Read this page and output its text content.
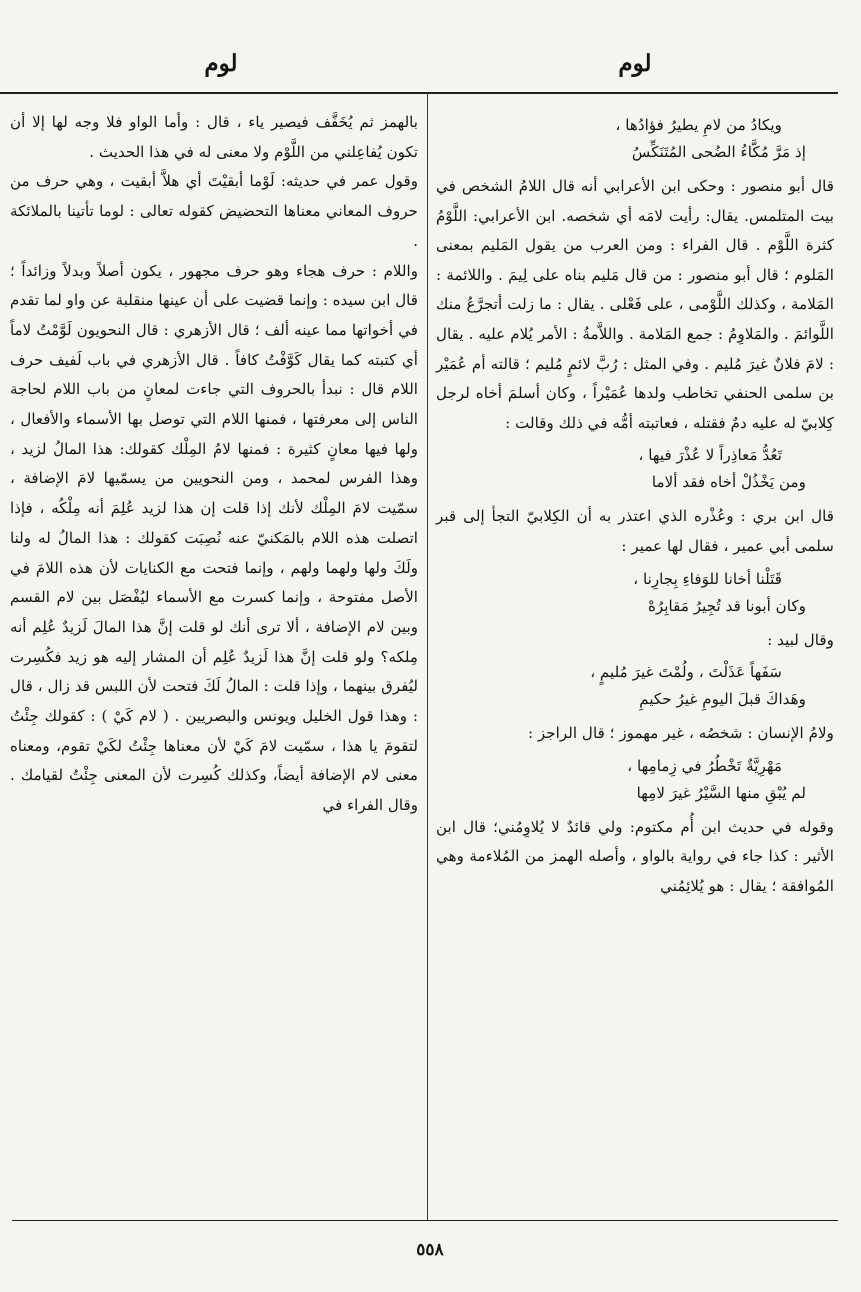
لوم
لوم
ويكادُ من لامِ يطيرُ فؤادُها ،
إذ مَرَّ مُكَّاءُ الضُحى المُتَنَكِّسُ

قال أبو منصور : وحكى ابن الأعرابي أنه قال اللامُ الشخص في بيت المتلمس. يقال: رأيت لامَه أي شخصه. ابن الأعرابي: اللَّوْمُ كثرة اللَّوْم . قال الفراء : ومن العرب من يقول المَليم بمعنى المَلوم ؛ قال أبو منصور : من قال مَليم بناه على لِيمَ . واللائمة : المَلامة ، وكذلك اللَّوْمى ، على فَعْلى . يقال : ما زلت أتجرَّعُ منك اللَّوائمَ . والمَلاوِمُ : جمع المَلامة . واللاَّمةُ : الأمر يُلام عليه . يقال : لامَ فلانٌ غيرَ مُليم . وفي المثل : رُبَّ لائمٍ مُليم ؛ قالته أم عُمَيْر بن سلمى الحنفي تخاطب ولدها عُمَيْراً ، وكان أسلمَ أخاه لرجل كِلابيّ له عليه دمٌ فقتله ، فعاتبته أمُّه في ذلك وقالت :

تَعُدُّ مَعاذِراً لا عُذْرَ فيها ،
ومن يَخْذُلْ أخاه فقد ألاما

قال ابن بري : وعُذْره الذي اعتذر به أن الكِلابيّ التجأ إلى قبر سلمى أبي عمير ، فقال لها عمير :

قَتَلْنا أخانا للوَفاءِ بِجارِنا ،
وكان أبونا قد تُجِيرُ مَقابِرُهْ

وقال لبيد :

سَفَهاً عَذَلْتَ ، ولُمْتَ غيرَ مُليمٍ ،
وهَداكَ قبلَ اليومِ غيرُ حكيمِ

ولامُ الإنسان : شخصُه ، غير مهموز ؛ قال الراجز :

مَهْرِيَّةٌ تَخْطُرُ في زِمامِها ،
لم يُبْقِ منها السَّيْرُ غيرَ لامِها

وقوله في حديث ابن أُم مكتوم: ولي قائدٌ لا يُلاوِمُني؛ قال ابن الأثير : كذا جاء في رواية بالواو ، وأصله الهمز من المُلاءمة وهي المُوافقة ؛ يقال : هو يُلائِمُني

بالهمز ثم يُخَفَّف فيصير ياء ، قال : وأما الواو فلا وجه لها إلا أن تكون يُفاعِلني من اللَّوْم ولا معنى له في هذا الحديث .

وقول عمر في حديثه: لَوْما أبقيْتَ أي هلاَّ أبقيت ، وهي حرف من حروف المعاني معناها التحضيض كقوله تعالى : لوما تأتينا بالملائكة .

واللام : حرف هجاء وهو حرف مجهور ، يكون أصلاً وبدلاً وزائداً ؛ قال ابن سيده : وإنما قضيت على أن عينها منقلبة عن واو لما تقدم في أخواتها مما عينه ألف ؛ قال الأزهري : قال النحويون لَوَّمْتُ لاماً أي كتبته كما يقال كَوَّفْتُ كافاً . قال الأزهري في باب لَفيف حرف اللام قال : نبدأ بالحروف التي جاءت لمعانٍ من باب اللام لحاجة الناس إلى معرفتها ، فمنها اللام التي توصل بها الأسماء والأفعال ، ولها فيها معانٍ كثيرة : فمنها لامُ المِلْك كقولك: هذا المالُ لزيد ، وهذا الفرس لمحمد ، ومن النحويين من يسمّيها لامَ الإضافة ، سمّيت لامَ المِلْك لأنك إذا قلت إن هذا لزيد عُلِمَ أنه مِلْكُه ، فإذا اتصلت هذه اللام بالمَكنيّ عنه نُصِبَت كقولك : هذا المالُ له ولنا ولَكَ ولها ولهما ولهم ، وإنما فتحت مع الكنايات لأن هذه اللامَ في الأصل مفتوحة ، وإنما كسرت مع الأسماء ليُفْصَل بين لام القسم وبين لام الإضافة ، ألا ترى أنك لو قلت إنَّ هذا المالَ لَزيدٌ عُلِم أنه مِلكه؟ ولو قلت إنَّ هذا لَزيدٌ عُلِم أن المشار إليه هو زيد فكُسِرت ليُفرق بينهما ، وإذا قلت : المالُ لَكَ فتحت لأن اللبس قد زال ، قال : وهذا قول الخليل ويونس والبصريين . ( لام كَيْ ) : كقولك جِئْتُ لتقومَ يا هذا ، سمّيت لامَ كَيْ لأن معناها جِئْتُ لكَيْ تقوم، ومعناه معنى لام الإضافة أيضاً، وكذلك كُسِرت لأن المعنى جِئْتُ لقيامك . وقال الفراء في

٥٥٨
